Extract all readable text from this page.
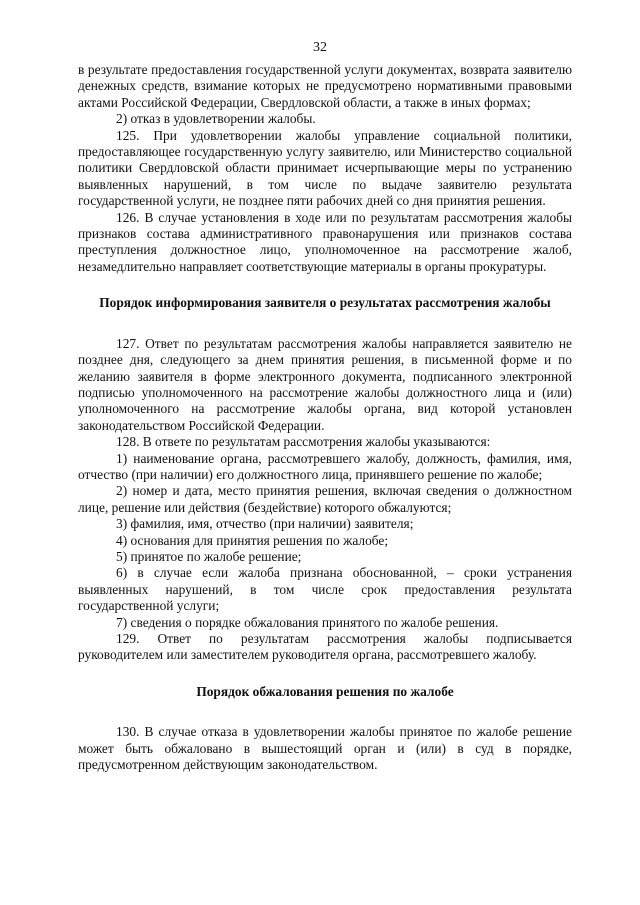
32

в результате предоставления государственной услуги документах, возврата заявителю денежных средств, взимание которых не предусмотрено нормативными правовыми актами Российской Федерации, Свердловской области, а также в иных формах;

2) отказ в удовлетворении жалобы.

125. При удовлетворении жалобы управление социальной политики, предоставляющее государственную услугу заявителю, или Министерство социальной политики Свердловской области принимает исчерпывающие меры по устранению выявленных нарушений, в том числе по выдаче заявителю результата государственной услуги, не позднее пяти рабочих дней со дня принятия решения.

126. В случае установления в ходе или по результатам рассмотрения жалобы признаков состава административного правонарушения или признаков состава преступления должностное лицо, уполномоченное на рассмотрение жалоб, незамедлительно направляет соответствующие материалы в органы прокуратуры.

Порядок информирования заявителя о результатах рассмотрения жалобы

127. Ответ по результатам рассмотрения жалобы направляется заявителю не позднее дня, следующего за днем принятия решения, в письменной форме и по желанию заявителя в форме электронного документа, подписанного электронной подписью уполномоченного на рассмотрение жалобы должностного лица и (или) уполномоченного на рассмотрение жалобы органа, вид которой установлен законодательством Российской Федерации.

128. В ответе по результатам рассмотрения жалобы указываются:

1) наименование органа, рассмотревшего жалобу, должность, фамилия, имя, отчество (при наличии) его должностного лица, принявшего решение по жалобе;

2) номер и дата, место принятия решения, включая сведения о должностном лице, решение или действия (бездействие) которого обжалуются;

3) фамилия, имя, отчество (при наличии) заявителя;

4) основания для принятия решения по жалобе;

5) принятое по жалобе решение;

6) в случае если жалоба признана обоснованной, – сроки устранения выявленных нарушений, в том числе срок предоставления результата государственной услуги;

7) сведения о порядке обжалования принятого по жалобе решения.

129. Ответ по результатам рассмотрения жалобы подписывается руководителем или заместителем руководителя органа, рассмотревшего жалобу.

Порядок обжалования решения по жалобе

130. В случае отказа в удовлетворении жалобы принятое по жалобе решение может быть обжаловано в вышестоящий орган и (или) в суд в порядке, предусмотренном действующим законодательством.
